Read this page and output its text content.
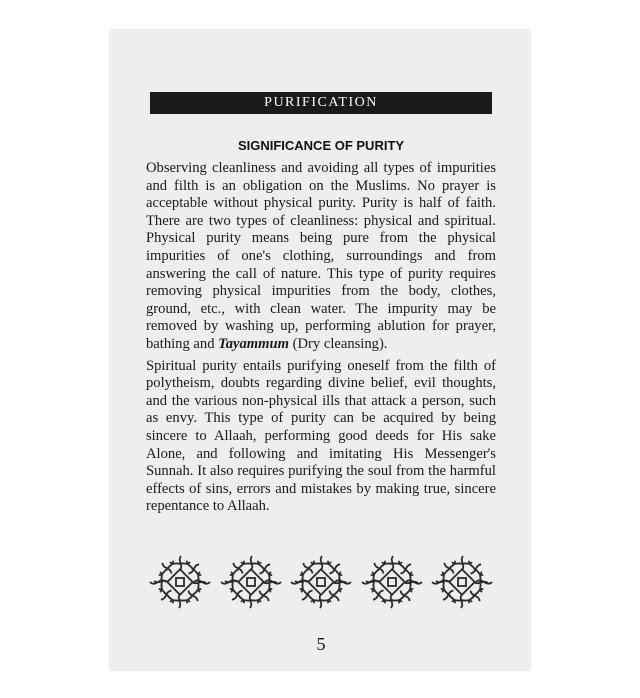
PURIFICATION
SIGNIFICANCE OF PURITY

Observing cleanliness and avoiding all types of impurities and filth is an obligation on the Muslims. No prayer is acceptable without physical purity. Purity is half of faith. There are two types of cleanliness: physical and spiritual. Physical purity means being pure from the physical impurities of one's clothing, surroundings and from answering the call of nature. This type of purity requires removing physical impurities from the body, clothes, ground, etc., with clean water. The impurity may be removed by washing up, performing ablution for prayer, bathing and Tayammum (Dry cleansing).

Spiritual purity entails purifying oneself from the filth of polytheism, doubts regarding divine belief, evil thoughts, and the various non-physical ills that attack a person, such as envy. This type of purity can be acquired by being sincere to Allaah, performing good deeds for His sake Alone, and following and imitating His Messenger's Sunnah. It also requires purifying the soul from the harmful effects of sins, errors and mistakes by making true, sincere repentance to Allaah.

5
